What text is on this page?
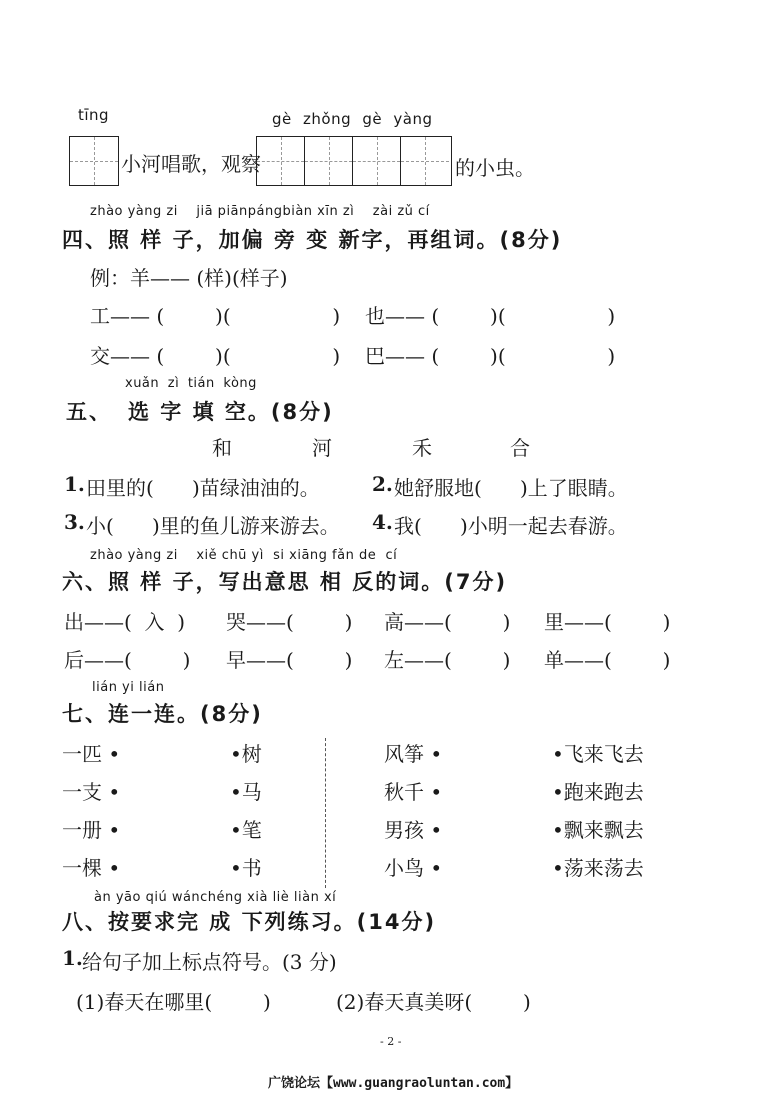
tīng	gè zhǒng gè yàng
小河唱歌，观察	的小虫。
zhào yàng zi    jiā piānpángbiàn xīn zì    zài zǔ cí
四、照 样 子，加偏 旁 变 新字，再组词。(8分)
例：羊—— (样)(样子)
工—— (        )(                ) 也—— (        )(                )
交—— (        )(                ) 巴—— (        )(                )
xuǎn zì tián kòng
五、 选 字 填 空。(8分)
和	河	禾	合
1. 田里的(      )苗绿油油的。	2. 她舒服地(      )上了眼睛。
3. 小(      )里的鱼儿游来游去。 4. 我(      )小明一起去春游。
zhào yàng zi    xiě chū yì  si xiāng fǎn de  cí
六、照 样 子，写出意思 相 反的词。(7分)
出——(  入  ) 哭——(        ) 高——(        ) 里——(        )
后——(        ) 早——(        ) 左——(        ) 单——(        )
lián yi lián
七、连一连。(8分)
一匹 •
一支 •
一册 •
一棵 •
•树
•马
•笔
•书
风筝 •
秋千 •
男孩 •
小鸟 •
•飞来飞去
•跑来跑去
•飘来飘去
•荡来荡去
àn yāo qiú wánchéng xià liè liàn xí
八、按要求完 成 下列练习。(14分)
1. 给句子加上标点符号。(3 分)
(1)春天在哪里(        )	(2)春天真美呀(        )
- 2 -
广饶论坛【www.guangraoluntan.com】
